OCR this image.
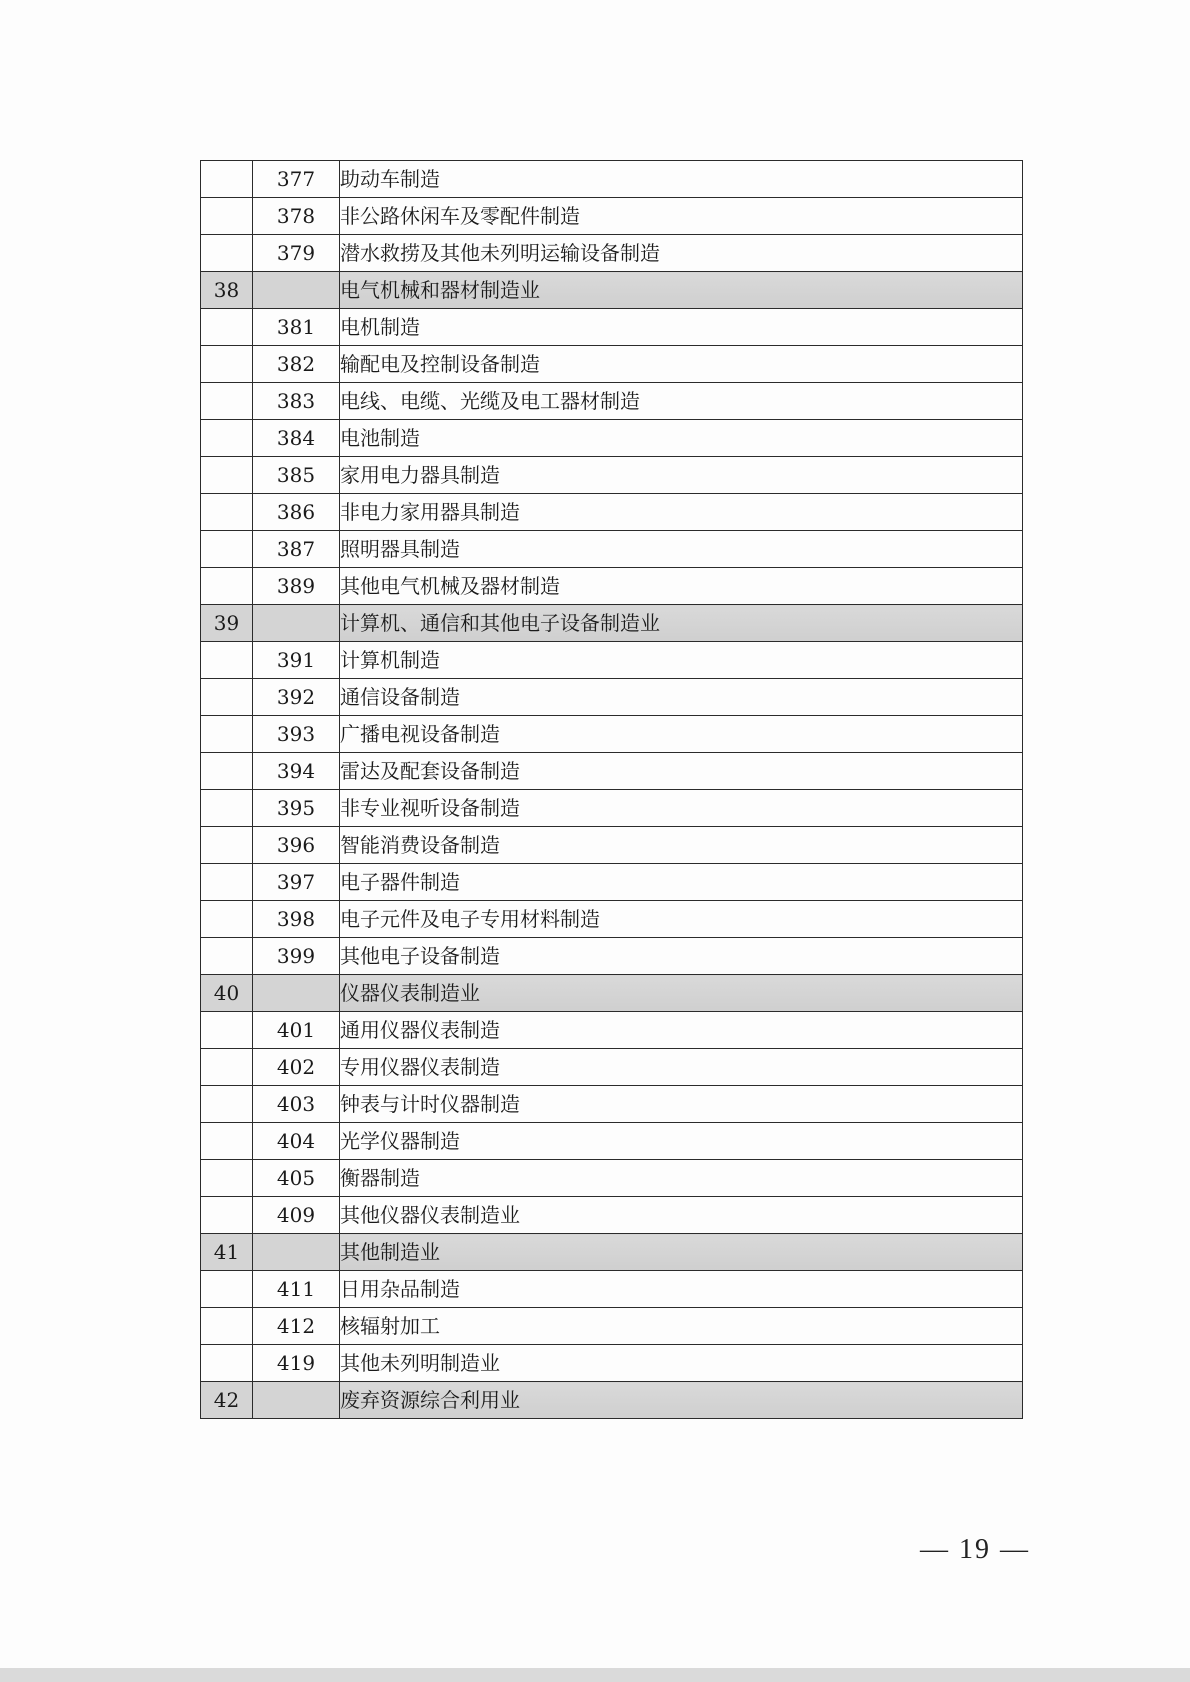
	377	助动车制造
	378	非公路休闲车及零配件制造
	379	潜水救捞及其他未列明运输设备制造
38		电气机械和器材制造业
	381	电机制造
	382	输配电及控制设备制造
	383	电线、电缆、光缆及电工器材制造
	384	电池制造
	385	家用电力器具制造
	386	非电力家用器具制造
	387	照明器具制造
	389	其他电气机械及器材制造
39		计算机、通信和其他电子设备制造业
	391	计算机制造
	392	通信设备制造
	393	广播电视设备制造
	394	雷达及配套设备制造
	395	非专业视听设备制造
	396	智能消费设备制造
	397	电子器件制造
	398	电子元件及电子专用材料制造
	399	其他电子设备制造
40		仪器仪表制造业
	401	通用仪器仪表制造
	402	专用仪器仪表制造
	403	钟表与计时仪器制造
	404	光学仪器制造
	405	衡器制造
	409	其他仪器仪表制造业
41		其他制造业
	411	日用杂品制造
	412	核辐射加工
	419	其他未列明制造业
42		废弃资源综合利用业
— 19 —
